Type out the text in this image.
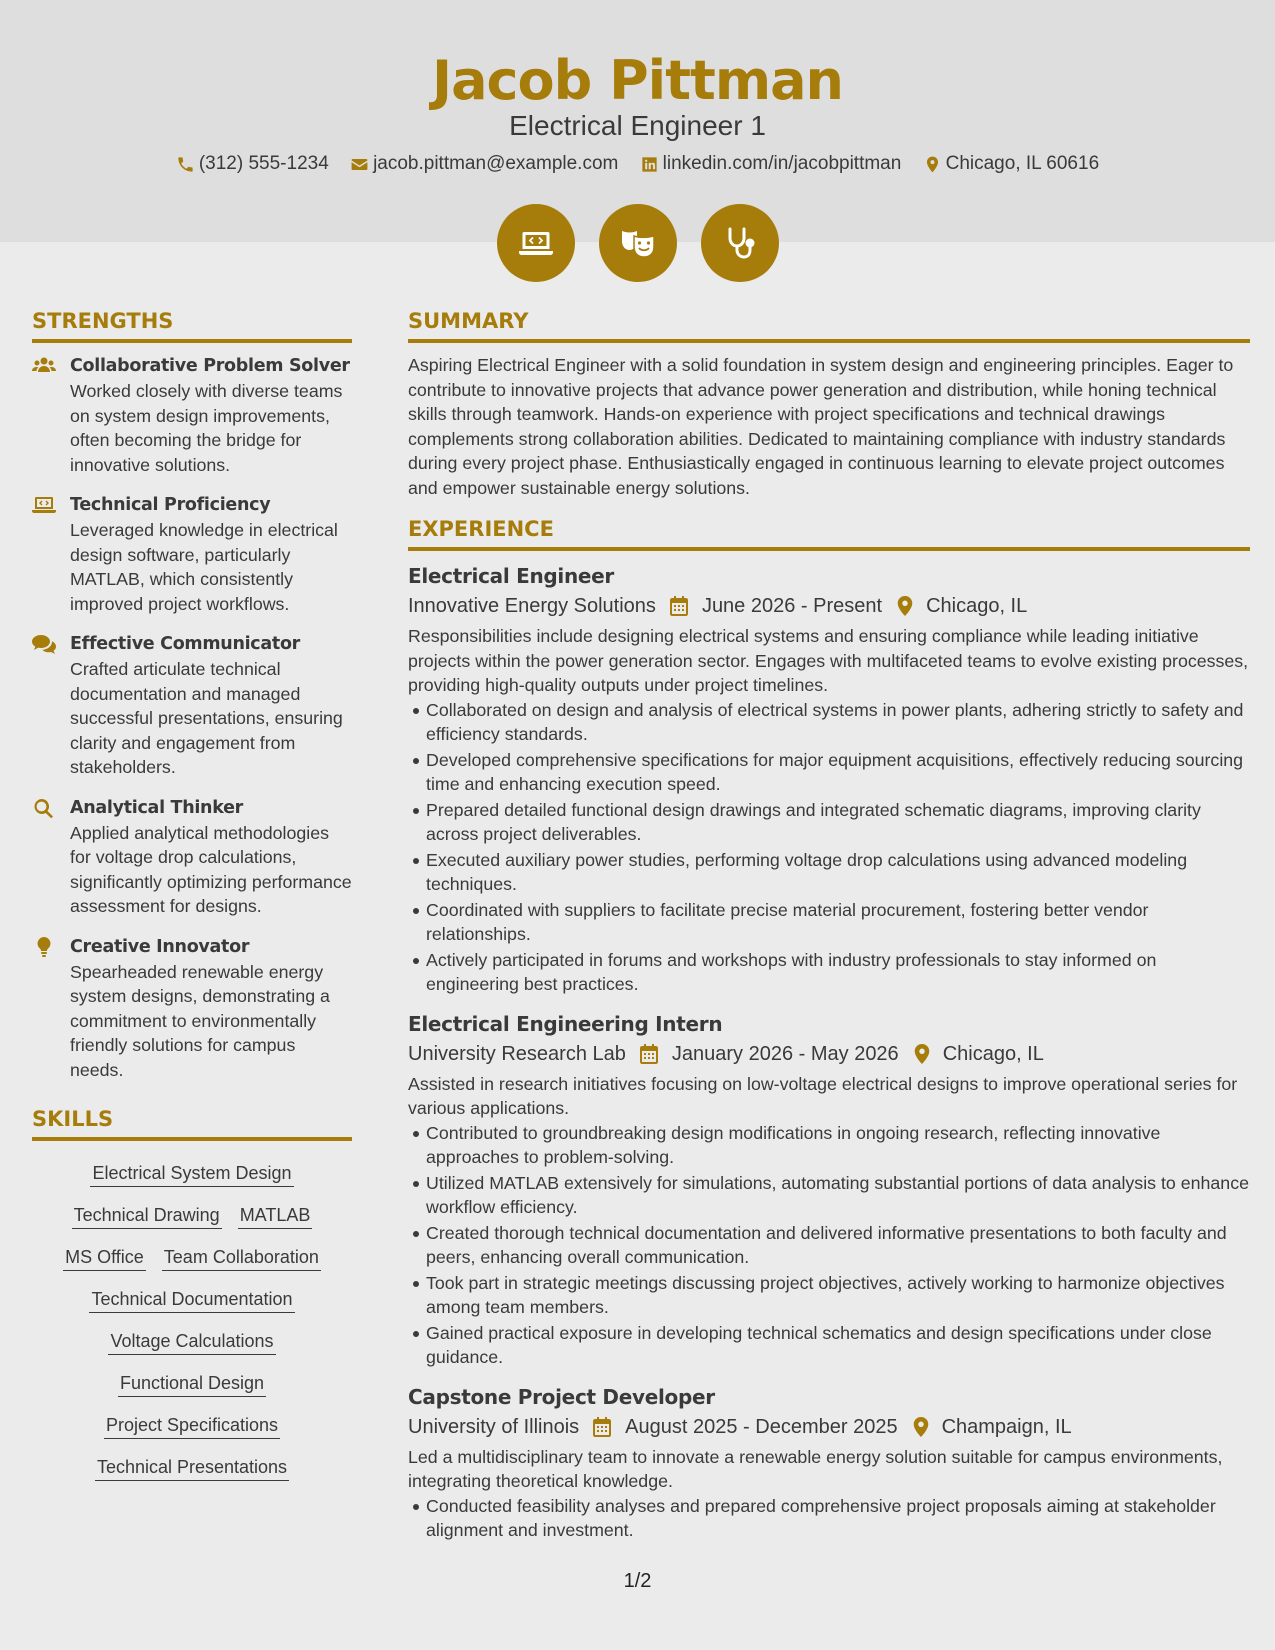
Jacob Pittman
Electrical Engineer 1
(312) 555-1234
jacob.pittman@example.com
linkedin.com/in/jacobpittman
Chicago, IL 60616

STRENGTHS
Collaborative Problem Solver
Worked closely with diverse teams on system design improvements, often becoming the bridge for innovative solutions.
Technical Proficiency
Leveraged knowledge in electrical design software, particularly MATLAB, which consistently improved project workflows.
Effective Communicator
Crafted articulate technical documentation and managed successful presentations, ensuring clarity and engagement from stakeholders.
Analytical Thinker
Applied analytical methodologies for voltage drop calculations, significantly optimizing performance assessment for designs.
Creative Innovator
Spearheaded renewable energy system designs, demonstrating a commitment to environmentally friendly solutions for campus needs.
SKILLS
Electrical System Design
Technical Drawing MATLAB
MS Office Team Collaboration
Technical Documentation
Voltage Calculations
Functional Design
Project Specifications
Technical Presentations
SUMMARY
Aspiring Electrical Engineer with a solid foundation in system design and engineering principles. Eager to contribute to innovative projects that advance power generation and distribution, while honing technical skills through teamwork. Hands-on experience with project specifications and technical drawings complements strong collaboration abilities. Dedicated to maintaining compliance with industry standards during every project phase. Enthusiastically engaged in continuous learning to elevate project outcomes and empower sustainable energy solutions.
EXPERIENCE
Electrical Engineer
Innovative Energy Solutions June 2026 - Present Chicago, IL
Responsibilities include designing electrical systems and ensuring compliance while leading initiative projects within the power generation sector. Engages with multifaceted teams to evolve existing processes, providing high-quality outputs under project timelines.
Collaborated on design and analysis of electrical systems in power plants, adhering strictly to safety and efficiency standards.
Developed comprehensive specifications for major equipment acquisitions, effectively reducing sourcing time and enhancing execution speed.
Prepared detailed functional design drawings and integrated schematic diagrams, improving clarity across project deliverables.
Executed auxiliary power studies, performing voltage drop calculations using advanced modeling techniques.
Coordinated with suppliers to facilitate precise material procurement, fostering better vendor relationships.
Actively participated in forums and workshops with industry professionals to stay informed on engineering best practices.
Electrical Engineering Intern
University Research Lab January 2026 - May 2026 Chicago, IL
Assisted in research initiatives focusing on low-voltage electrical designs to improve operational series for various applications.
Contributed to groundbreaking design modifications in ongoing research, reflecting innovative approaches to problem-solving.
Utilized MATLAB extensively for simulations, automating substantial portions of data analysis to enhance workflow efficiency.
Created thorough technical documentation and delivered informative presentations to both faculty and peers, enhancing overall communication.
Took part in strategic meetings discussing project objectives, actively working to harmonize objectives among team members.
Gained practical exposure in developing technical schematics and design specifications under close guidance.
Capstone Project Developer
University of Illinois August 2025 - December 2025 Champaign, IL
Led a multidisciplinary team to innovate a renewable energy solution suitable for campus environments, integrating theoretical knowledge.
Conducted feasibility analyses and prepared comprehensive project proposals aiming at stakeholder alignment and investment.
1/2
